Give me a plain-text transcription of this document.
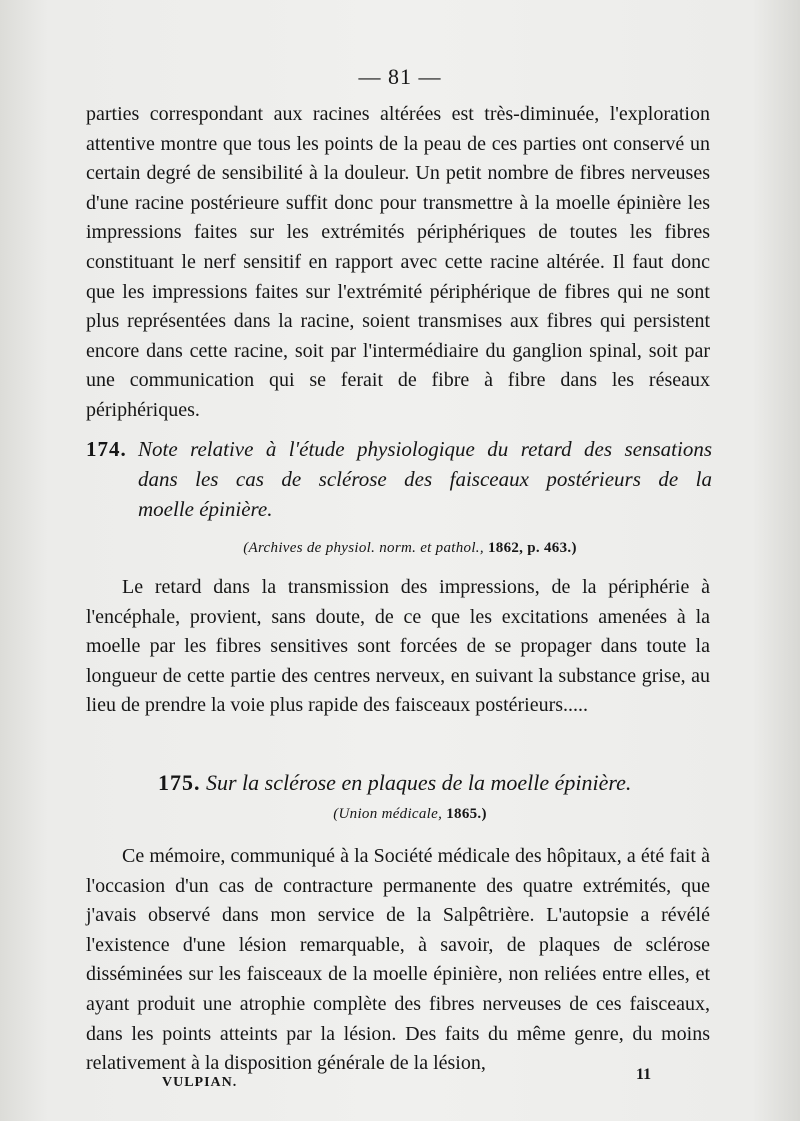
— 81 —

parties correspondant aux racines altérées est très-diminuée, l'exploration attentive montre que tous les points de la peau de ces parties ont conservé un certain degré de sensibilité à la douleur. Un petit nombre de fibres nerveuses d'une racine postérieure suffit donc pour transmettre à la moelle épinière les impressions faites sur les extrémités périphériques de toutes les fibres constituant le nerf sensitif en rapport avec cette racine altérée. Il faut donc que les impressions faites sur l'extrémité périphérique de fibres qui ne sont plus représentées dans la racine, soient transmises aux fibres qui persistent encore dans cette racine, soit par l'intermédiaire du ganglion spinal, soit par une communication qui se ferait de fibre à fibre dans les réseaux périphériques.

174. Note relative à l'étude physiologique du retard des sensations
dans les cas de sclérose des faisceaux postérieurs de la
moelle épinière.
(Archives de physiol. norm. et pathol., 1862, p. 463.)

Le retard dans la transmission des impressions, de la périphérie à l'encéphale, provient, sans doute, de ce que les excitations amenées à la moelle par les fibres sensitives sont forcées de se propager dans toute la longueur de cette partie des centres nerveux, en suivant la substance grise, au lieu de prendre la voie plus rapide des faisceaux postérieurs.....

175. Sur la sclérose en plaques de la moelle épinière.
(Union médicale, 1865.)

Ce mémoire, communiqué à la Société médicale des hôpitaux, a été fait à l'occasion d'un cas de contracture permanente des quatre extrémités, que j'avais observé dans mon service de la Salpêtrière. L'autopsie a révélé l'existence d'une lésion remarquable, à savoir, de plaques de sclérose disséminées sur les faisceaux de la moelle épinière, non reliées entre elles, et ayant produit une atrophie complète des fibres nerveuses de ces faisceaux, dans les points atteints par la lésion. Des faits du même genre, du moins relativement à la disposition générale de la lésion,

VULPIAN.	11
